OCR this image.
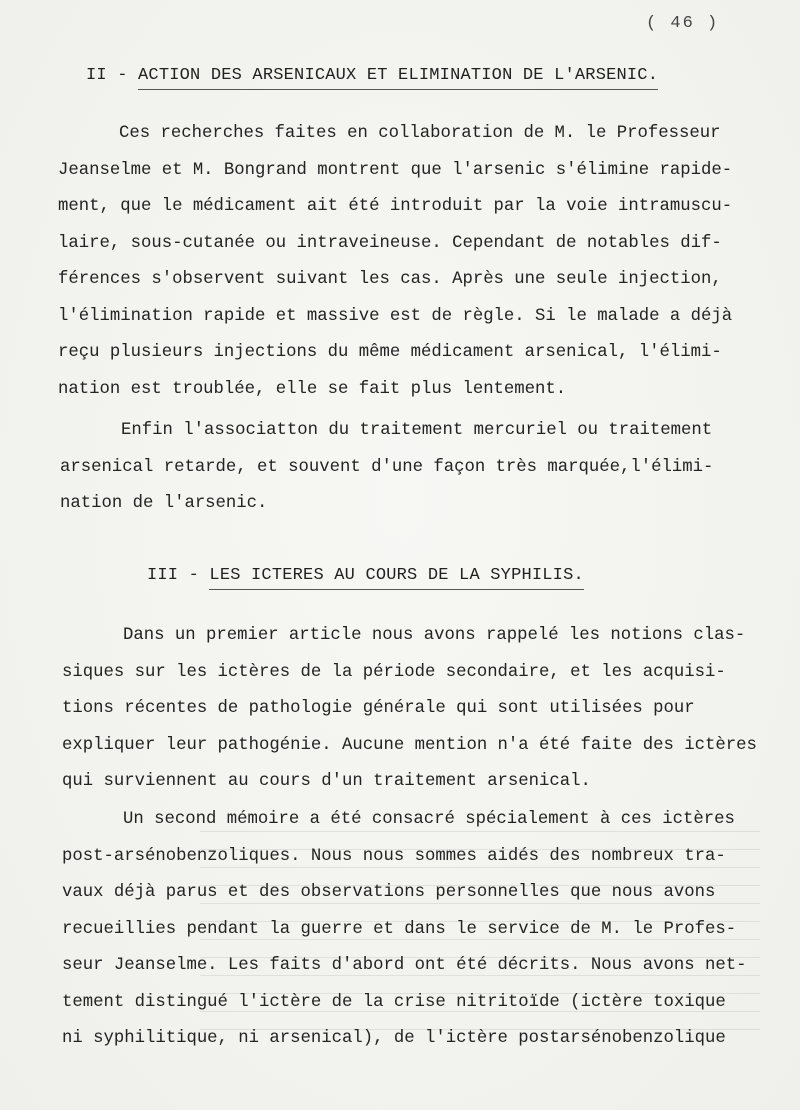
( 46 )
II - ACTION DES ARSENICAUX ET ELIMINATION DE L'ARSENIC.
Ces recherches faites en collaboration de M. le Professeur
Jeanselme et M. Bongrand montrent que l'arsenic s'élimine rapide-
ment, que le médicament ait été introduit par la voie intramuscu-
laire, sous-cutanée ou intraveineuse. Cependant de notables dif-
férences s'observent suivant les cas. Après une seule injection,
l'élimination rapide et massive est de règle. Si le malade a déjà
reçu plusieurs injections du même médicament arsenical, l'élimi-
nation est troublée, elle se fait plus lentement.
Enfin l'associatton du traitement mercuriel ou traitement
arsenical retarde, et souvent d'une façon très marquée,l'élimi-
nation de l'arsenic.
III - LES ICTERES AU COURS DE LA SYPHILIS.
Dans un premier article nous avons rappelé les notions clas-
siques sur les ictères de la période secondaire, et les acquisi-
tions récentes de pathologie générale qui sont utilisées pour
expliquer leur pathogénie. Aucune mention n'a été faite des ictères
qui surviennent au cours d'un traitement arsenical.
Un second mémoire a été consacré spécialement à ces ictères
post-arsénobenzoliques. Nous nous sommes aidés des nombreux tra-
vaux déjà parus et des observations personnelles que nous avons
recueillies pendant la guerre et dans le service de M. le Profes-
seur Jeanselme. Les faits d'abord ont été décrits. Nous avons net-
tement distingué l'ictère de la crise nitritoïde (ictère toxique
ni syphilitique, ni arsenical), de l'ictère postarsénobenzolique
